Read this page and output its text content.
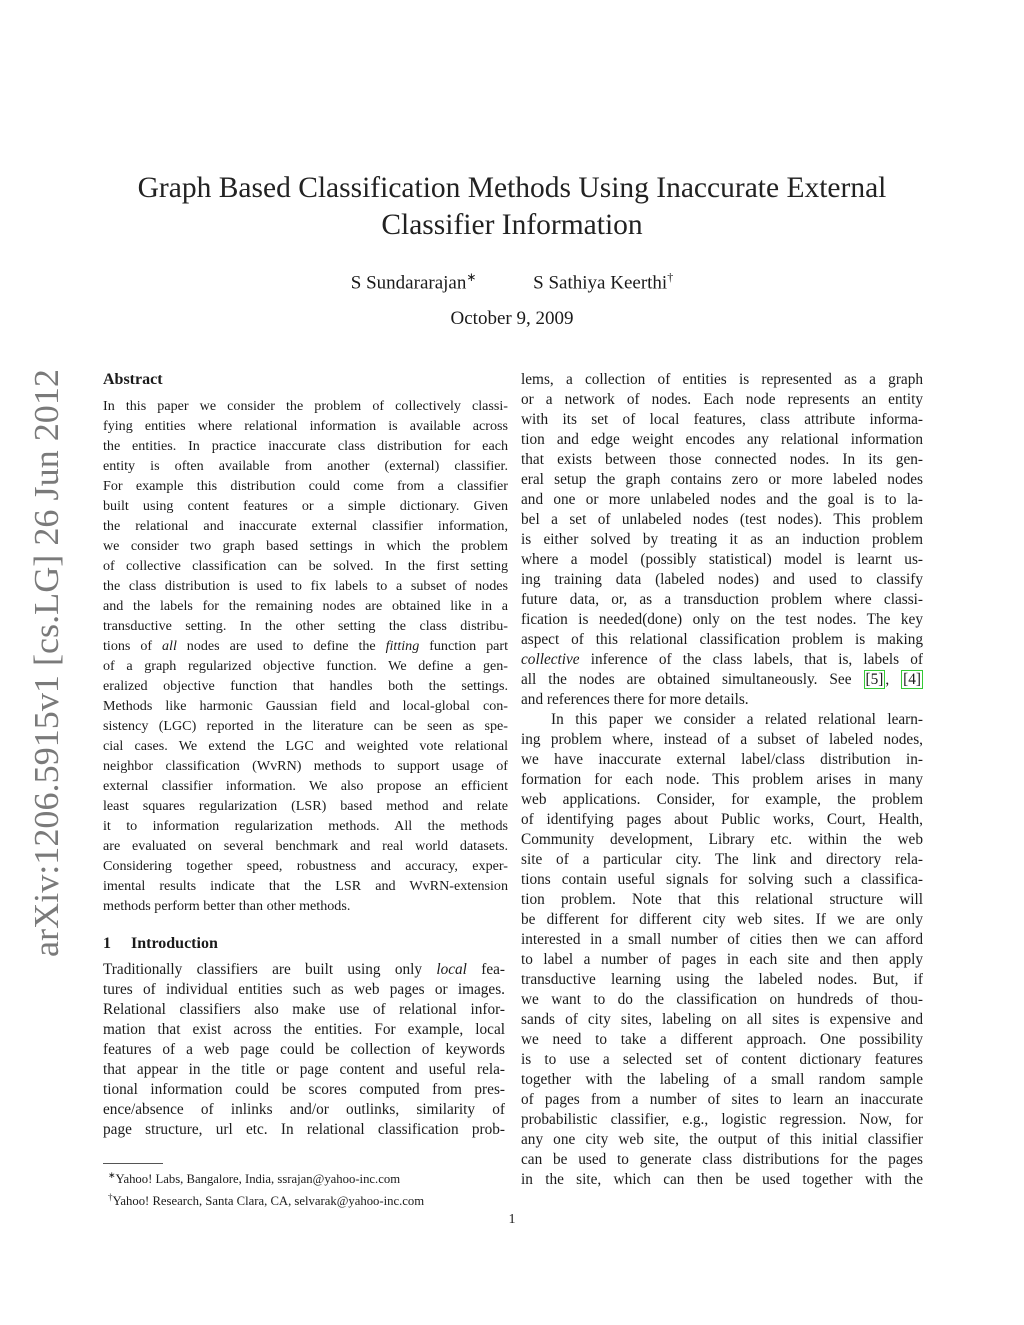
arXiv:1206.5915v1 [cs.LG] 26 Jun 2012
Graph Based Classification Methods Using Inaccurate External
Classifier Information
S Sundararajan∗	S Sathiya Keerthi†
October 9, 2009
Abstract
In this paper we consider the problem of collectively classi-
fying entities where relational information is available across
the entities. In practice inaccurate class distribution for each
entity is often available from another (external) classifier.
For example this distribution could come from a classifier
built using content features or a simple dictionary. Given
the relational and inaccurate external classifier information,
we consider two graph based settings in which the problem
of collective classification can be solved. In the first setting
the class distribution is used to fix labels to a subset of nodes
and the labels for the remaining nodes are obtained like in a
transductive setting. In the other setting the class distribu-
tions of all nodes are used to define the fitting function part
of a graph regularized objective function. We define a gen-
eralized objective function that handles both the settings.
Methods like harmonic Gaussian field and local-global con-
sistency (LGC) reported in the literature can be seen as spe-
cial cases. We extend the LGC and weighted vote relational
neighbor classification (WvRN) methods to support usage of
external classifier information. We also propose an efficient
least squares regularization (LSR) based method and relate
it to information regularization methods. All the methods
are evaluated on several benchmark and real world datasets.
Considering together speed, robustness and accuracy, exper-
imental results indicate that the LSR and WvRN-extension
methods perform better than other methods.
1 Introduction
Traditionally classifiers are built using only local fea-
tures of individual entities such as web pages or images.
Relational classifiers also make use of relational infor-
mation that exist across the entities. For example, local
features of a web page could be collection of keywords
that appear in the title or page content and useful rela-
tional information could be scores computed from pres-
ence/absence of inlinks and/or outlinks, similarity of
page structure, url etc. In relational classification prob-
lems, a collection of entities is represented as a graph
or a network of nodes. Each node represents an entity
with its set of local features, class attribute informa-
tion and edge weight encodes any relational information
that exists between those connected nodes. In its gen-
eral setup the graph contains zero or more labeled nodes
and one or more unlabeled nodes and the goal is to la-
bel a set of unlabeled nodes (test nodes). This problem
is either solved by treating it as an induction problem
where a model (possibly statistical) model is learnt us-
ing training data (labeled nodes) and used to classify
future data, or, as a transduction problem where classi-
fication is needed(done) only on the test nodes. The key
aspect of this relational classification problem is making
collective inference of the class labels, that is, labels of
all the nodes are obtained simultaneously. See [5] , [4]
and references there for more details.
In this paper we consider a related relational learn-
ing problem where, instead of a subset of labeled nodes,
we have inaccurate external label/class distribution in-
formation for each node. This problem arises in many
web applications. Consider, for example, the problem
of identifying pages about Public works, Court, Health,
Community development, Library etc. within the web
site of a particular city. The link and directory rela-
tions contain useful signals for solving such a classifica-
tion problem. Note that this relational structure will
be different for different city web sites. If we are only
interested in a small number of cities then we can afford
to label a number of pages in each site and then apply
transductive learning using the labeled nodes. But, if
we want to do the classification on hundreds of thou-
sands of city sites, labeling on all sites is expensive and
we need to take a different approach. One possibility
is to use a selected set of content dictionary features
together with the labeling of a small random sample
of pages from a number of sites to learn an inaccurate
probabilistic classifier, e.g., logistic regression. Now, for
any one city web site, the output of this initial classifier
can be used to generate class distributions for the pages
in the site, which can then be used together with the
∗Yahoo! Labs, Bangalore, India, ssrajan@yahoo-inc.com
†Yahoo! Research, Santa Clara, CA, selvarak@yahoo-inc.com
1
